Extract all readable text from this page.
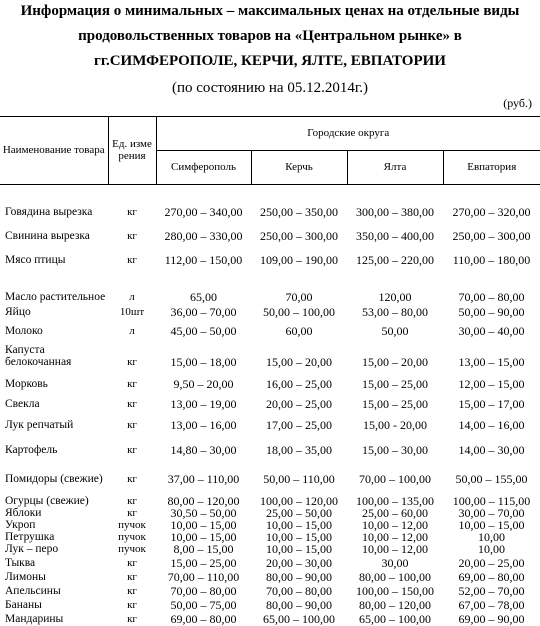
Информация о минимальных – максимальных ценах на отдельные виды
продовольственных товаров на «Центральном рынке» в
гг.СИМФЕРОПОЛЕ, КЕРЧИ, ЯЛТЕ, ЕВПАТОРИИ
(по состоянию на 05.12.2014г.)
(руб.)
Наименование товара	Ед. изме рения	Городские округа			
		Симферополь	Керчь	Ялта	Евпатория
Говядина вырезка	кг	270,00 – 340,00	250,00 – 350,00	300,00 – 380,00	270,00 – 320,00
Свинина вырезка	кг	280,00 – 330,00	250,00 – 300,00	350,00 – 400,00	250,00 – 300,00
Мясо птицы	кг	112,00 – 150,00	109,00 – 190,00	125,00 – 220,00	110,00 – 180,00
Масло растительное	л	65,00	70,00	120,00	70,00 – 80,00
Яйцо	10шт	36,00 – 70,00	50,00 – 100,00	53,00 – 80,00	50,00 – 90,00
Молоко	л	45,00 – 50,00	60,00	50,00	30,00 – 40,00
Капуста белокочанная	кг	15,00 – 18,00	15,00 – 20,00	15,00 – 20,00	13,00 – 15,00
Морковь	кг	9,50 – 20,00	16,00 – 25,00	15,00 – 25,00	12,00 – 15,00
Свекла	кг	13,00 – 19,00	20,00 – 25,00	15,00 – 25,00	15,00 – 17,00
Лук репчатый	кг	13,00 – 16,00	17,00 – 25,00	15,00 - 20,00	14,00 – 16,00
Картофель	кг	14,80 – 30,00	18,00 – 35,00	15,00 – 30,00	14,00 – 30,00
Помидоры (свежие)	кг	37,00 – 110,00	50,00 – 110,00	70,00 – 100,00	50,00 – 155,00
Огурцы (свежие)	кг	80,00 – 120,00	100,00 – 120,00	100,00 – 135,00	100,00 – 115,00
Яблоки	кг	30,50 – 50,00	25,00 – 50,00	25,00 – 60,00	30,00 – 70,00
Укроп	пучок	10,00 – 15,00	10,00 – 15,00	10,00 – 12,00	10,00 – 15,00
Петрушка	пучок	10,00 – 15,00	10,00 – 15,00	10,00 – 12,00	10,00
Лук – перо	пучок	8,00 – 15,00	10,00 – 15,00	10,00 – 12,00	10,00
Тыква	кг	15,00 – 25,00	20,00 – 30,00	30,00	20,00 – 25,00
Лимоны	кг	70,00 – 110,00	80,00 – 90,00	80,00 – 100,00	69,00 – 80,00
Апельсины	кг	70,00 – 80,00	70,00 – 80,00	100,00 – 150,00	52,00 – 70,00
Бананы	кг	50,00 – 75,00	80,00 – 90,00	80,00 – 120,00	67,00 – 78,00
Мандарины	кг	69,00 – 80,00	65,00 – 100,00	65,00 – 100,00	69,00 – 90,00
